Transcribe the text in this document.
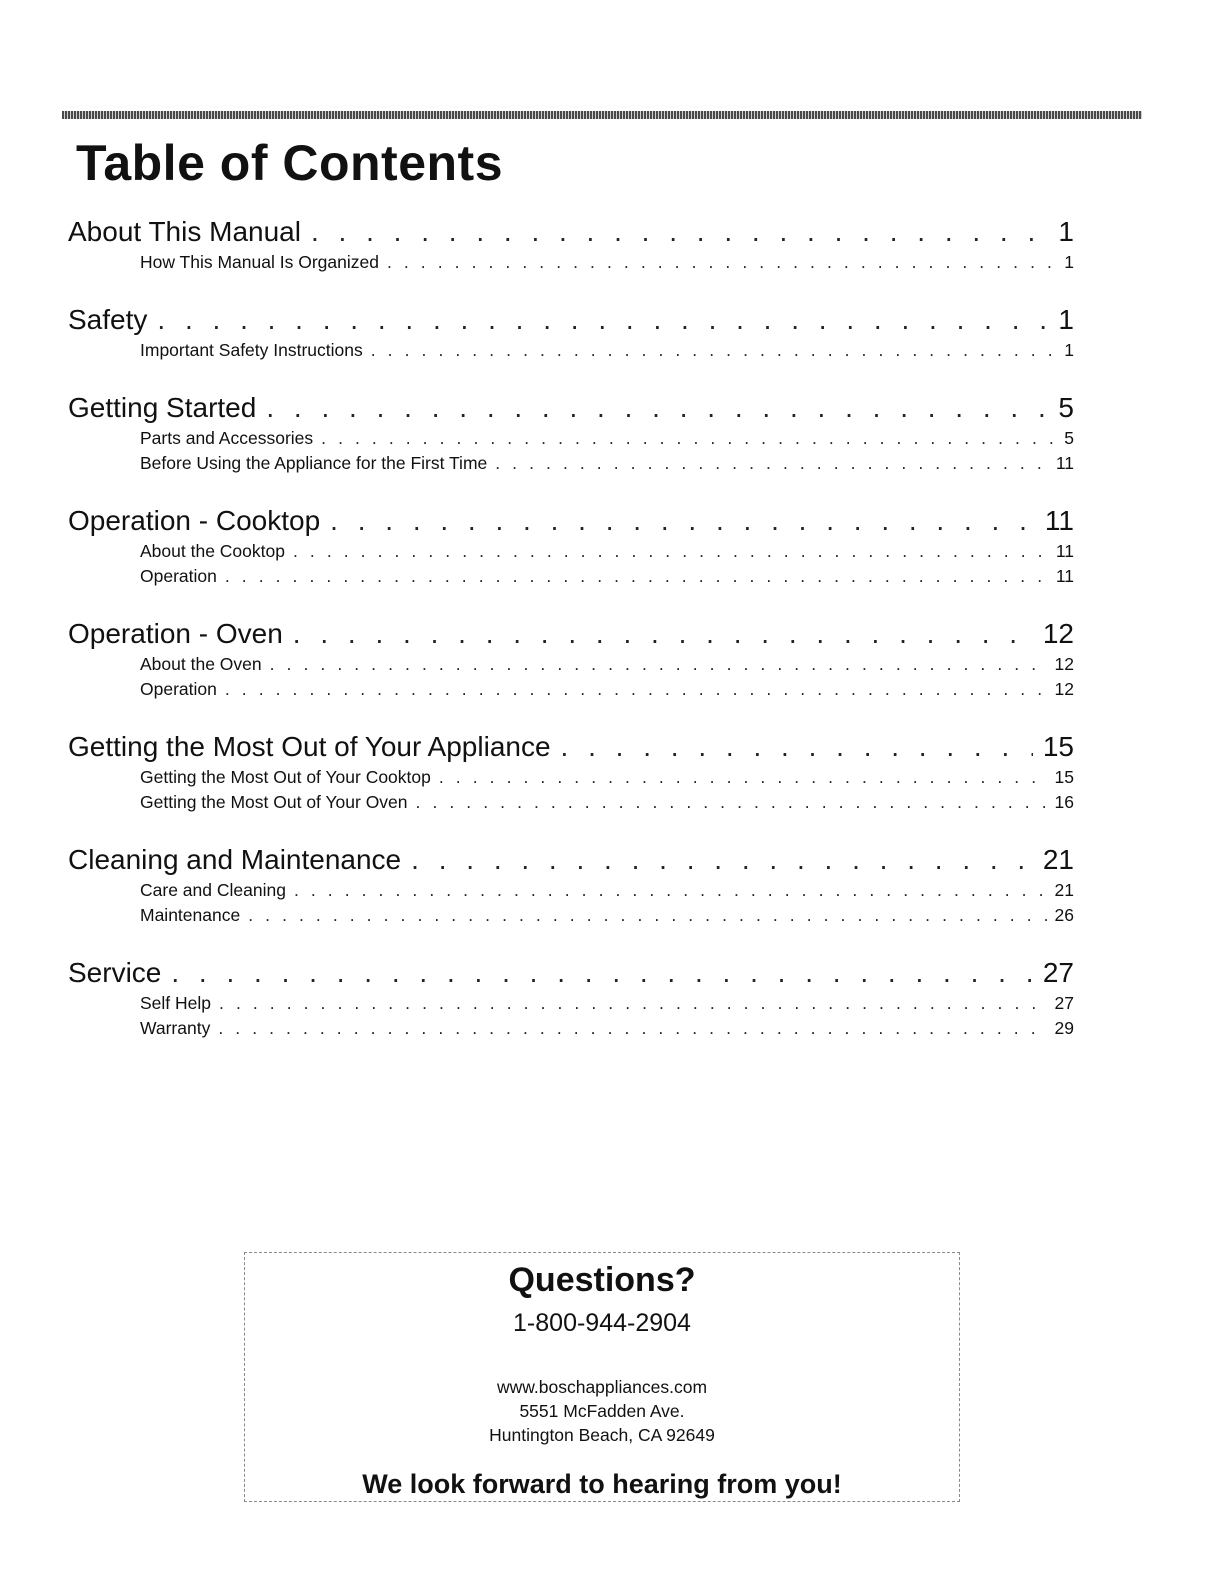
Table of Contents
About This Manual . . .	1
How This Manual Is Organized . . .	1
Safety . . .	1
Important Safety Instructions . . .	1
Getting Started . . .	5
Parts and Accessories . . .	5
Before Using the Appliance for the First Time . . .	11
Operation - Cooktop . . .	11
About the Cooktop . . .	11
Operation . . .	11
Operation - Oven . . .	12
About the Oven . . .	12
Operation . . .	12
Getting the Most Out of Your Appliance . . .	15
Getting the Most Out of Your Cooktop . . .	15
Getting the Most Out of Your Oven . . .	16
Cleaning and Maintenance . . .	21
Care and Cleaning . . .	21
Maintenance . . .	26
Service . . .	27
Self Help . . .	27
Warranty . . .	29
Questions?
1-800-944-2904
www.boschappliances.com
5551 McFadden Ave.
Huntington Beach, CA 92649
We look forward to hearing from you!
